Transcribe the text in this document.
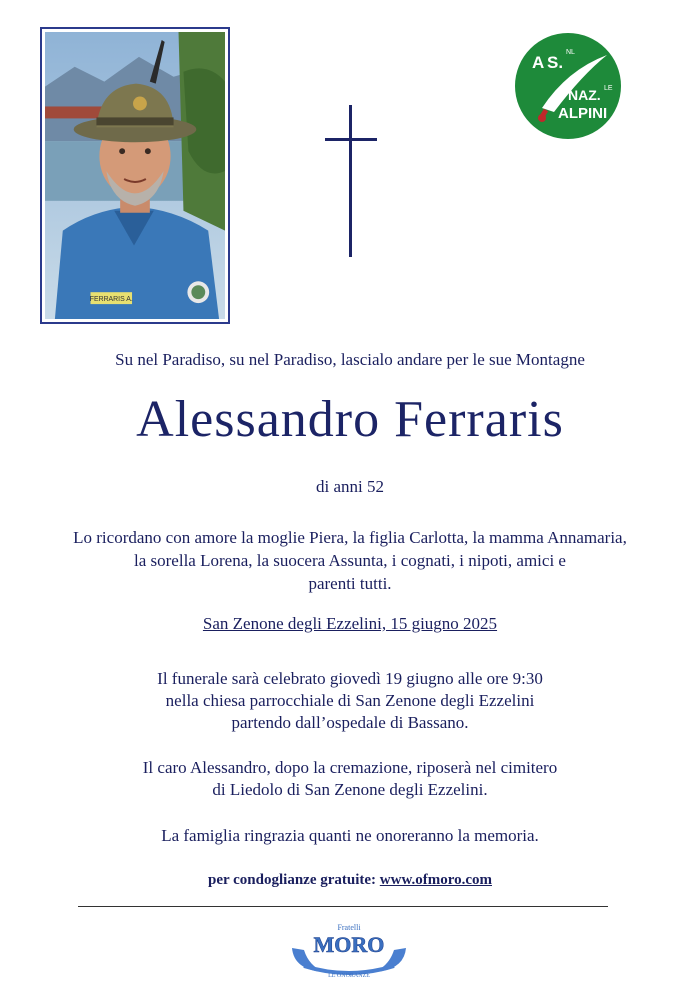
FERRARIS A.
A S.
NL
NAZ. LE
ALPINI
Su nel Paradiso, su nel Paradiso, lascialo andare per le sue Montagne
Alessandro Ferraris
di anni 52
Lo ricordano con amore la moglie Piera, la figlia Carlotta, la mamma Annamaria,
la sorella Lorena, la suocera Assunta, i cognati, i nipoti, amici e
parenti tutti.
San Zenone degli Ezzelini, 15 giugno 2025
Il funerale sarà celebrato giovedì 19 giugno alle ore 9:30
nella chiesa parrocchiale di San Zenone degli Ezzelini
partendo dall’ospedale di Bassano.
Il caro Alessandro, dopo la cremazione, riposerà nel cimitero
di Liedolo di San Zenone degli Ezzelini.
La famiglia ringrazia quanti ne onoreranno la memoria.
per condoglianze gratuite: www.ofmoro.com
Fratelli
MORO
LE ONORANZE
